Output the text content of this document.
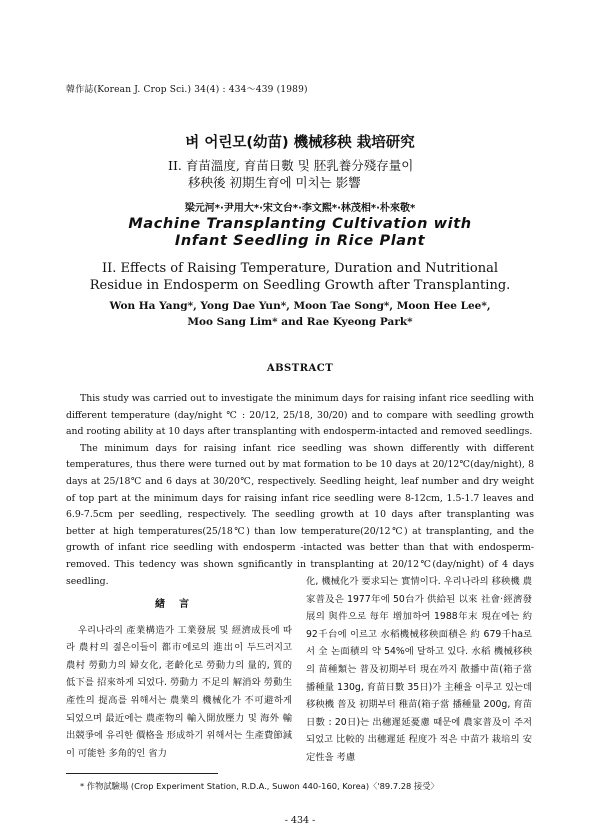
韓作誌(Korean J. Crop Sci.) 34(4) : 434～439 (1989)
벼 어린모(幼苗) 機械移秧 栽培研究
II. 育苗溫度, 育苗日數 및 胚乳養分殘存量이
移秧後 初期生育에 미치는 影響
梁元河*·尹用大*·宋文台*·李文熙*·林茂相*·朴來敬*
Machine Transplanting Cultivation with
Infant Seedling in Rice Plant
II. Effects of Raising Temperature, Duration and Nutritional
Residue in Endosperm on Seedling Growth after Transplanting.
Won Ha Yang*, Yong Dae Yun*, Moon Tae Song*, Moon Hee Lee*,
Moo Sang Lim* and Rae Kyeong Park*
ABSTRACT

This study was carried out to investigate the minimum days for raising infant rice seedling with different temperature (day/night ℃ : 20/12, 25/18, 30/20) and to compare with seedling growth and rooting ability at 10 days after transplanting with endosperm-intacted and removed seedlings.

The minimum days for raising infant rice seedling was shown differently with different temperatures, thus there were turned out by mat formation to be 10 days at 20/12℃(day/night), 8 days at 25/18℃ and 6 days at 30/20℃, respectively. Seedling height, leaf number and dry weight of top part at the minimum days for raising infant rice seedling were 8-12cm, 1.5-1.7 leaves and 6.9-7.5cm per seedling, respectively. The seedling growth at 10 days after transplanting was better at high temperatures(25/18℃) than low temperature(20/12℃) at transplanting, and the growth of infant rice seedling with endosperm -intacted was better than that with endosperm-removed. This tedency was shown sgnificantly in transplanting at 20/12℃(day/night) of 4 days seedling.

緖言

우리나라의 產業構造가 工業發展 및 經濟成長에 따라 農村의 젊은이들이 都市에로의 進出이 두드러지고 農村 勞動力의 婦女化, 老齡化로 勞動力의 量的, 質的 低下를 招來하게 되었다. 勞動力 不足의 解消와 勞動生產性의 提高를 위해서는 農業의 機械化가 不可避하게 되었으며 最近에는 農產物의 輸入開放壓力 및 海外 輸出競爭에 유리한 價格을 形成하기 위해서는 生產費節減이 可能한 多角的인 省力

化, 機械化가 要求되는 實情이다. 우리나라의 移秧機 農家普及은 1977年에 50台가 供給된 以來 社會·經濟發展의 與件으로 每年 增加하여 1988年末 現在에는 約 92千台에 이르고 水稻機械移秧面積은 約 679千ha로서 全 논面積의 약 54%에 달하고 있다. 水稻 機械移秧의 苗種類는 普及初期부터 現在까지 散播中苗(箱子當 播種量 130g, 育苗日數 35日)가 主種을 이루고 있는데 移秧機 普及 初期부터 稚苗(箱子當 播種量 200g, 育苗日數 : 20日)는 出穗遲延憂慮 때문에 農家普及이 주저되었고 比較的 出穗遲延 程度가 적은 中苗가 栽培의 安定性을 考慮

* 作物試驗場 (Crop Experiment Station, R.D.A., Suwon 440-160, Korea)〈'89.7.28 接受〉
- 434 -
